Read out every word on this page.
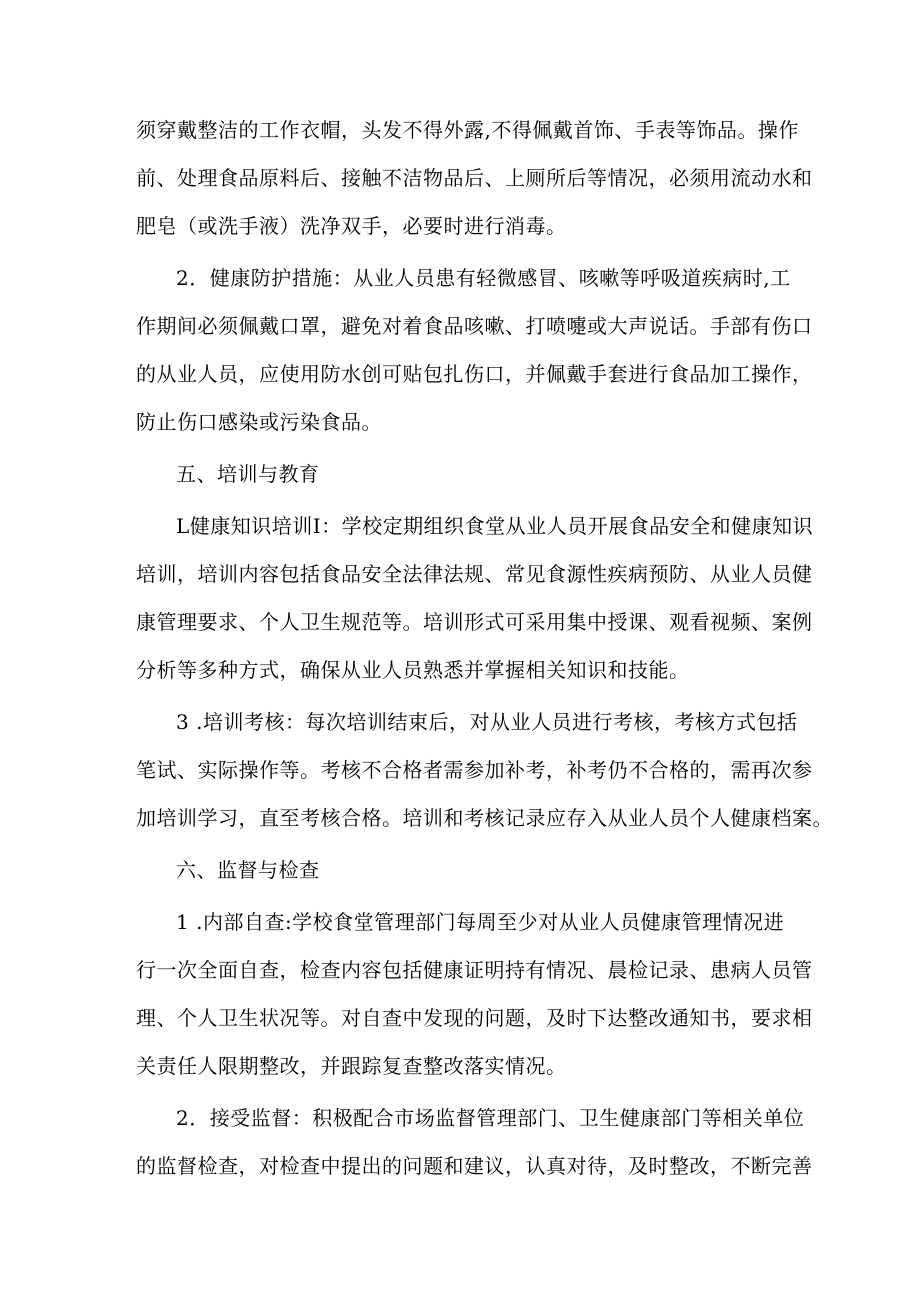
须穿戴整洁的工作衣帽，头发不得外露,不得佩戴首饰、手表等饰品。操作
前、处理食品原料后、接触不洁物品后、上厕所后等情况，必须用流动水和
肥皂（或洗手液）洗净双手，必要时进行消毒。
2．健康防护措施：从业人员患有轻微感冒、咳嗽等呼吸道疾病时,工
作期间必须佩戴口罩，避免对着食品咳嗽、打喷嚏或大声说话。手部有伤口
的从业人员，应使用防水创可贴包扎伤口，并佩戴手套进行食品加工操作，
防止伤口感染或污染食品。
五、培训与教育
L健康知识培训I：学校定期组织食堂从业人员开展食品安全和健康知识
培训，培训内容包括食品安全法律法规、常见食源性疾病预防、从业人员健
康管理要求、个人卫生规范等。培训形式可采用集中授课、观看视频、案例
分析等多种方式，确保从业人员熟悉并掌握相关知识和技能。
3 .培训考核：每次培训结束后，对从业人员进行考核，考核方式包括
笔试、实际操作等。考核不合格者需参加补考，补考仍不合格的，需再次参
加培训学习，直至考核合格。培训和考核记录应存入从业人员个人健康档案。
六、监督与检查
1 .内部自查:学校食堂管理部门每周至少对从业人员健康管理情况进
行一次全面自查，检查内容包括健康证明持有情况、晨检记录、患病人员管
理、个人卫生状况等。对自查中发现的问题，及时下达整改通知书，要求相
关责任人限期整改，并跟踪复查整改落实情况。
2．接受监督：积极配合市场监督管理部门、卫生健康部门等相关单位
的监督检查，对检查中提出的问题和建议，认真对待，及时整改，不断完善
